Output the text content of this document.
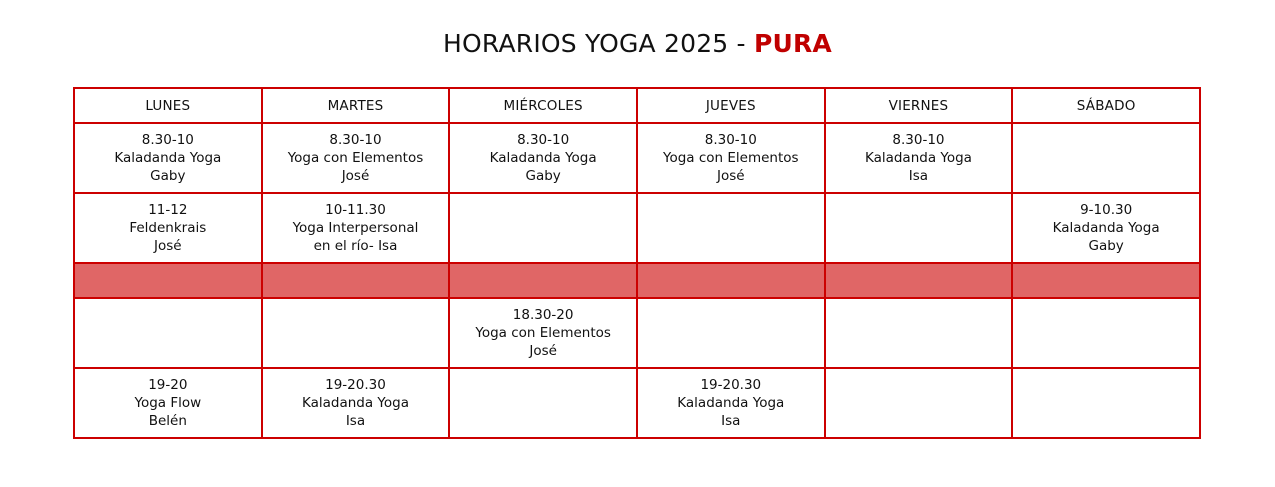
HORARIOS YOGA 2025 - PURA
LUNES	MARTES	MIÉRCOLES	JUEVES	VIERNES	SÁBADO

8.30-10
Kaladanda Yoga
Gaby	8.30-10
Yoga con Elementos
José	8.30-10
Kaladanda Yoga
Gaby	8.30-10
Yoga con Elementos
José	8.30-10
Kaladanda Yoga
Isa	

11-12
Feldenkrais
José	10-11.30
Yoga Interpersonal
en el río- Isa				9-10.30
Kaladanda Yoga
Gaby

		18.30-20
Yoga con Elementos
José			

19-20
Yoga Flow
Belén	19-20.30
Kaladanda Yoga
Isa		19-20.30
Kaladanda Yoga
Isa		
